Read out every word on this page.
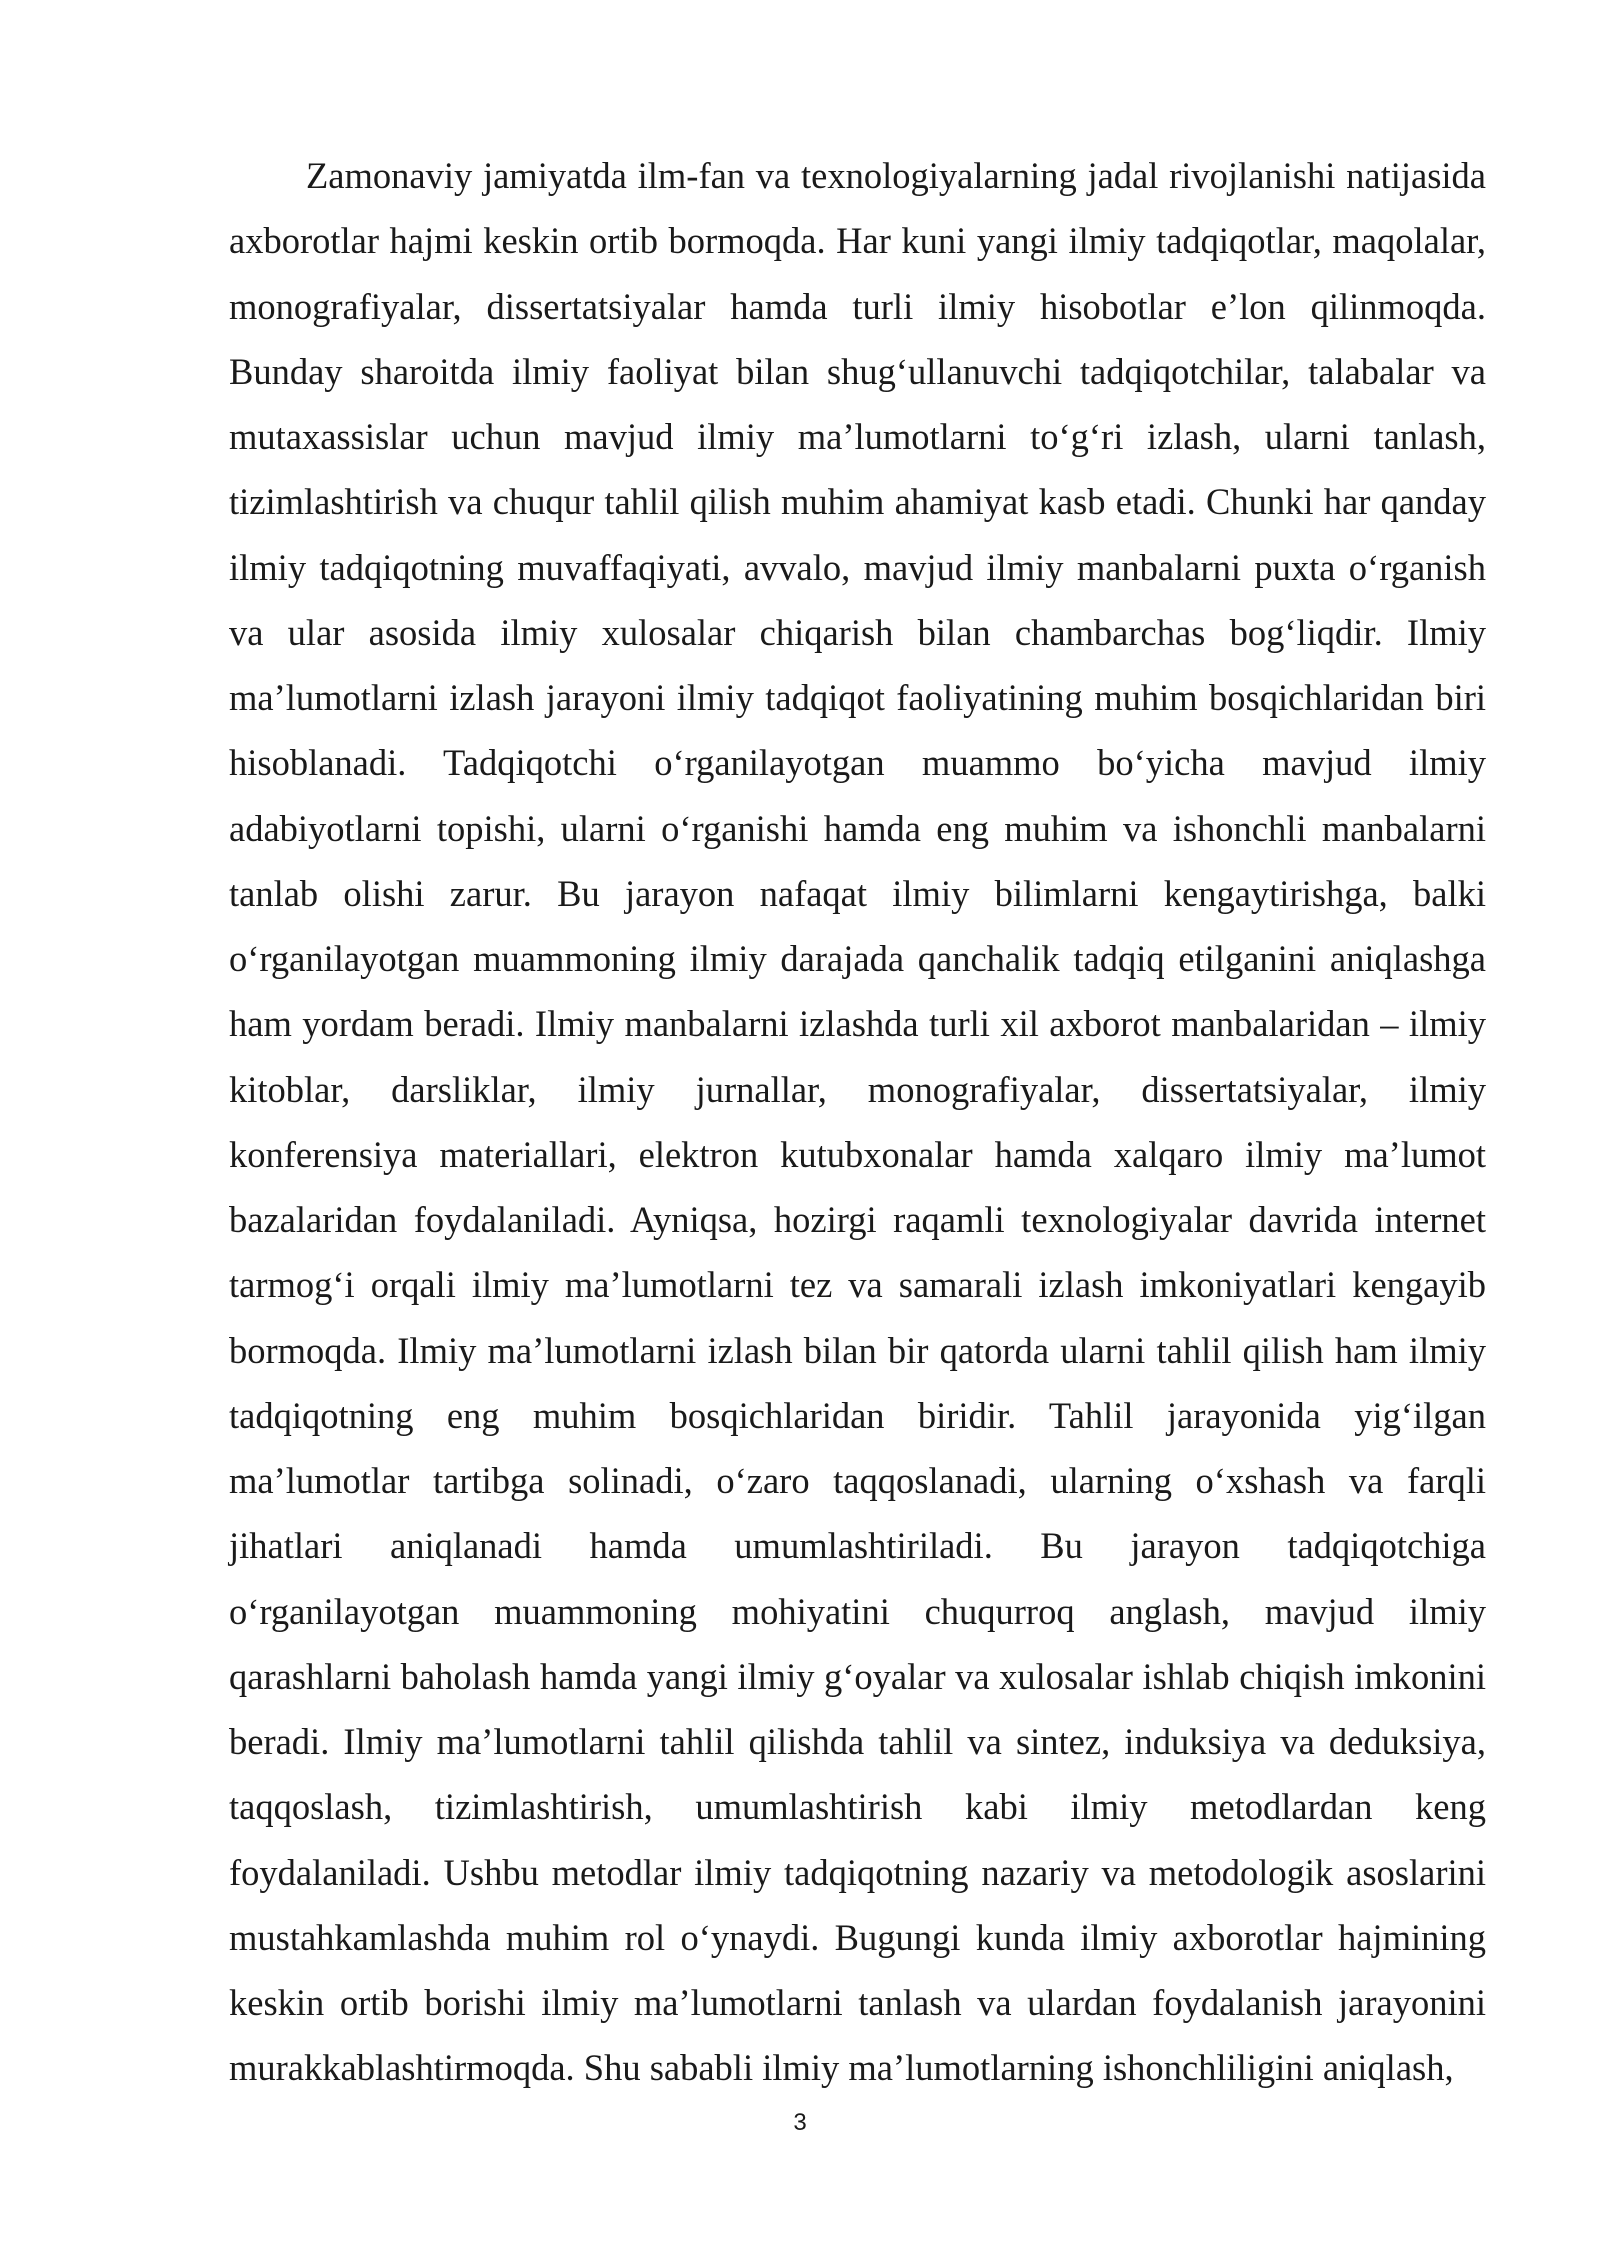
Zamonaviy jamiyatda ilm-fan va texnologiyalarning jadal rivojlanishi natijasida axborotlar hajmi keskin ortib bormoqda. Har kuni yangi ilmiy tadqiqotlar, maqolalar, monografiyalar, dissertatsiyalar hamda turli ilmiy hisobotlar e’lon qilinmoqda. Bunday sharoitda ilmiy faoliyat bilan shug‘ullanuvchi tadqiqotchilar, talabalar va mutaxassislar uchun mavjud ilmiy ma’lumotlarni to‘g‘ri izlash, ularni tanlash, tizimlashtirish va chuqur tahlil qilish muhim ahamiyat kasb etadi. Chunki har qanday ilmiy tadqiqotning muvaffaqiyati, avvalo, mavjud ilmiy manbalarni puxta o‘rganish va ular asosida ilmiy xulosalar chiqarish bilan chambarchas bog‘liqdir. Ilmiy ma’lumotlarni izlash jarayoni ilmiy tadqiqot faoliyatining muhim bosqichlaridan biri hisoblanadi. Tadqiqotchi o‘rganilayotgan muammo bo‘yicha mavjud ilmiy adabiyotlarni topishi, ularni o‘rganishi hamda eng muhim va ishonchli manbalarni tanlab olishi zarur. Bu jarayon nafaqat ilmiy bilimlarni kengaytirishga, balki o‘rganilayotgan muammoning ilmiy darajada qanchalik tadqiq etilganini aniqlashga ham yordam beradi. Ilmiy manbalarni izlashda turli xil axborot manbalaridan – ilmiy kitoblar, darsliklar, ilmiy jurnallar, monografiyalar, dissertatsiyalar, ilmiy konferensiya materiallari, elektron kutubxonalar hamda xalqaro ilmiy ma’lumot bazalaridan foydalaniladi. Ayniqsa, hozirgi raqamli texnologiyalar davrida internet tarmog‘i orqali ilmiy ma’lumotlarni tez va samarali izlash imkoniyatlari kengayib bormoqda. Ilmiy ma’lumotlarni izlash bilan bir qatorda ularni tahlil qilish ham ilmiy tadqiqotning eng muhim bosqichlaridan biridir. Tahlil jarayonida yig‘ilgan ma’lumotlar tartibga solinadi, o‘zaro taqqoslanadi, ularning o‘xshash va farqli jihatlari aniqlanadi hamda umumlashtiriladi. Bu jarayon tadqiqotchiga o‘rganilayotgan muammoning mohiyatini chuqurroq anglash, mavjud ilmiy qarashlarni baholash hamda yangi ilmiy g‘oyalar va xulosalar ishlab chiqish imkonini beradi. Ilmiy ma’lumotlarni tahlil qilishda tahlil va sintez, induksiya va deduksiya, taqqoslash, tizimlashtirish, umumlashtirish kabi ilmiy metodlardan keng foydalaniladi. Ushbu metodlar ilmiy tadqiqotning nazariy va metodologik asoslarini mustahkamlashda muhim rol o‘ynaydi. Bugungi kunda ilmiy axborotlar hajmining keskin ortib borishi ilmiy ma’lumotlarni tanlash va ulardan foydalanish jarayonini murakkablashtirmoqda. Shu sababli ilmiy ma’lumotlarning ishonchliligini aniqlash,

3
